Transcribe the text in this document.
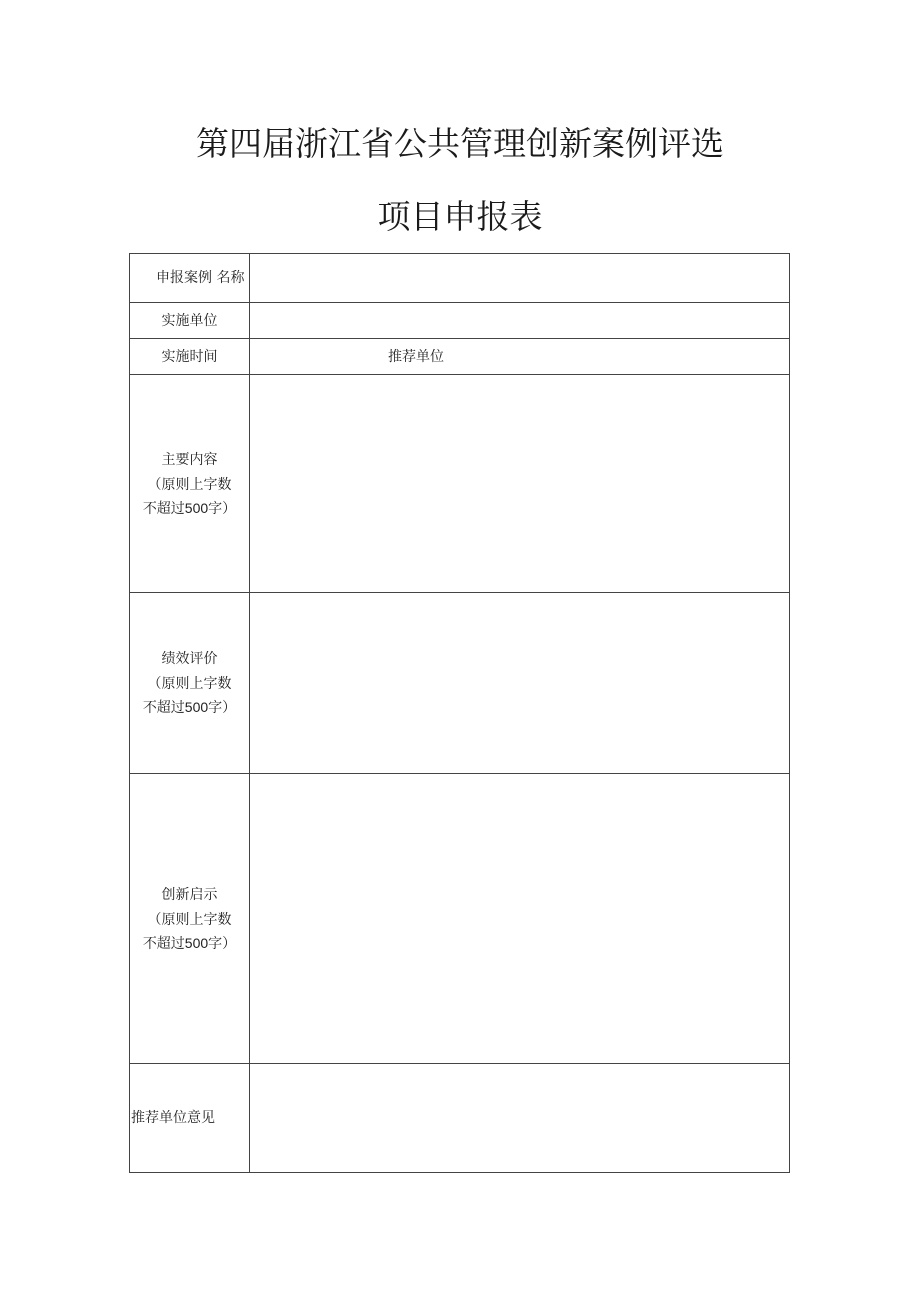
第四届浙江省公共管理创新案例评选
项目申报表
申报案例 名称	
实施单位	
实施时间	推荐单位

主要内容
（原则上字数
不超过500字）	

绩效评价
（原则上字数
不超过500字）	

创新启示
（原则上字数
不超过500字）	

推荐单位意见	
